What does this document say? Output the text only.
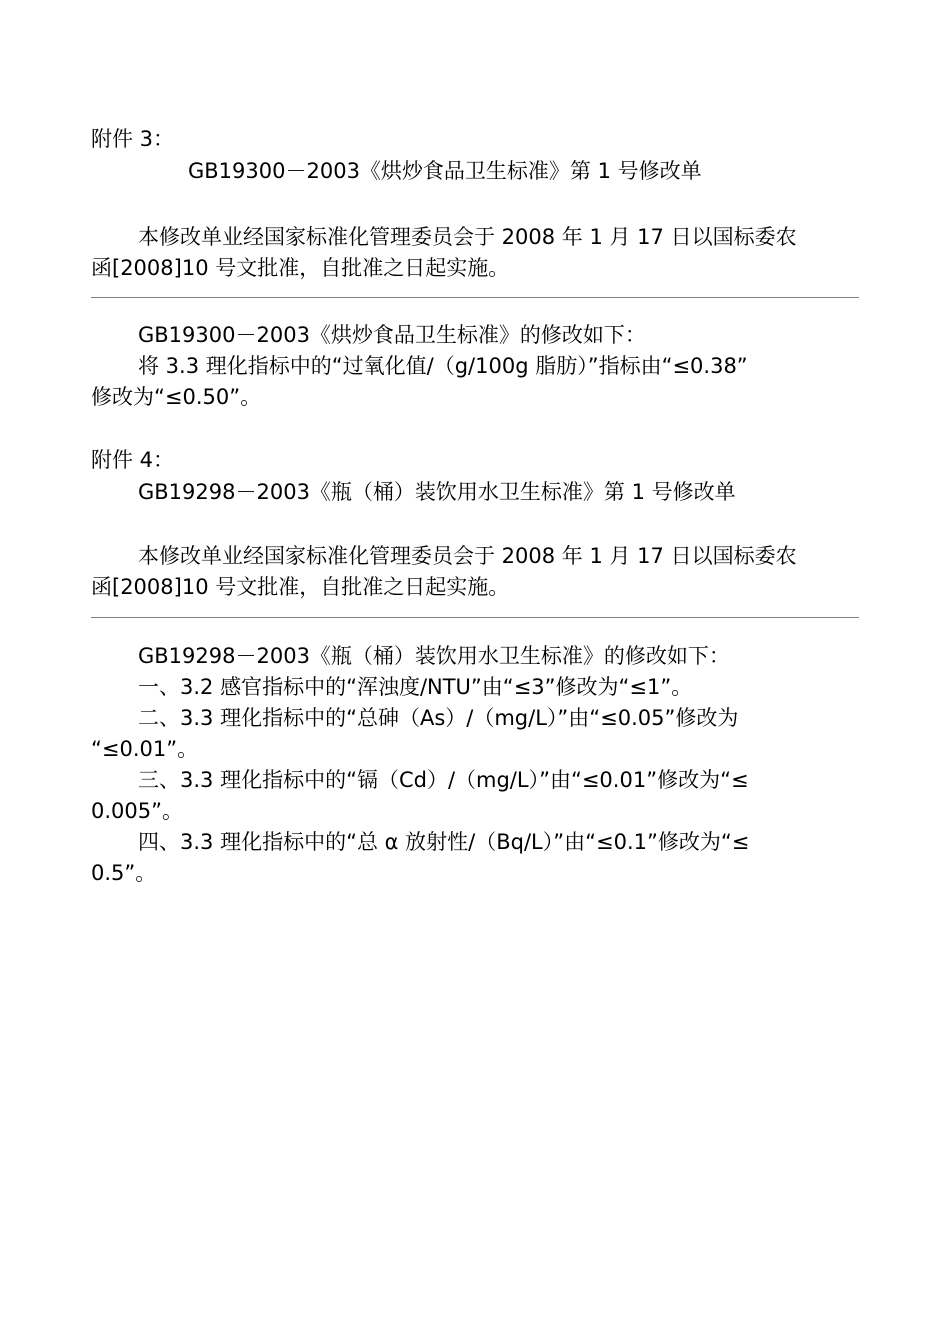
附件 3：

GB19300－2003《烘炒食品卫生标准》第 1 号修改单

本修改单业经国家标准化管理委员会于 2008 年 1 月 17 日以国标委农

函[2008]10 号文批准，自批准之日起实施。

GB19300－2003《烘炒食品卫生标准》的修改如下：

将 3.3 理化指标中的“过氧化值/（g/100g 脂肪）”指标由“≤0.38”

修改为“≤0.50”。

附件 4：

GB19298－2003《瓶（桶）装饮用水卫生标准》第 1 号修改单

本修改单业经国家标准化管理委员会于 2008 年 1 月 17 日以国标委农

函[2008]10 号文批准，自批准之日起实施。

GB19298－2003《瓶（桶）装饮用水卫生标准》的修改如下：

一、3.2 感官指标中的“浑浊度/NTU”由“≤3”修改为“≤1”。

二、3.3 理化指标中的“总砷（As）/（mg/L）”由“≤0.05”修改为

“≤0.01”。

三、3.3 理化指标中的“镉（Cd）/（mg/L）”由“≤0.01”修改为“≤

0.005”。

四、3.3 理化指标中的“总 α 放射性/（Bq/L）”由“≤0.1”修改为“≤

0.5”。
